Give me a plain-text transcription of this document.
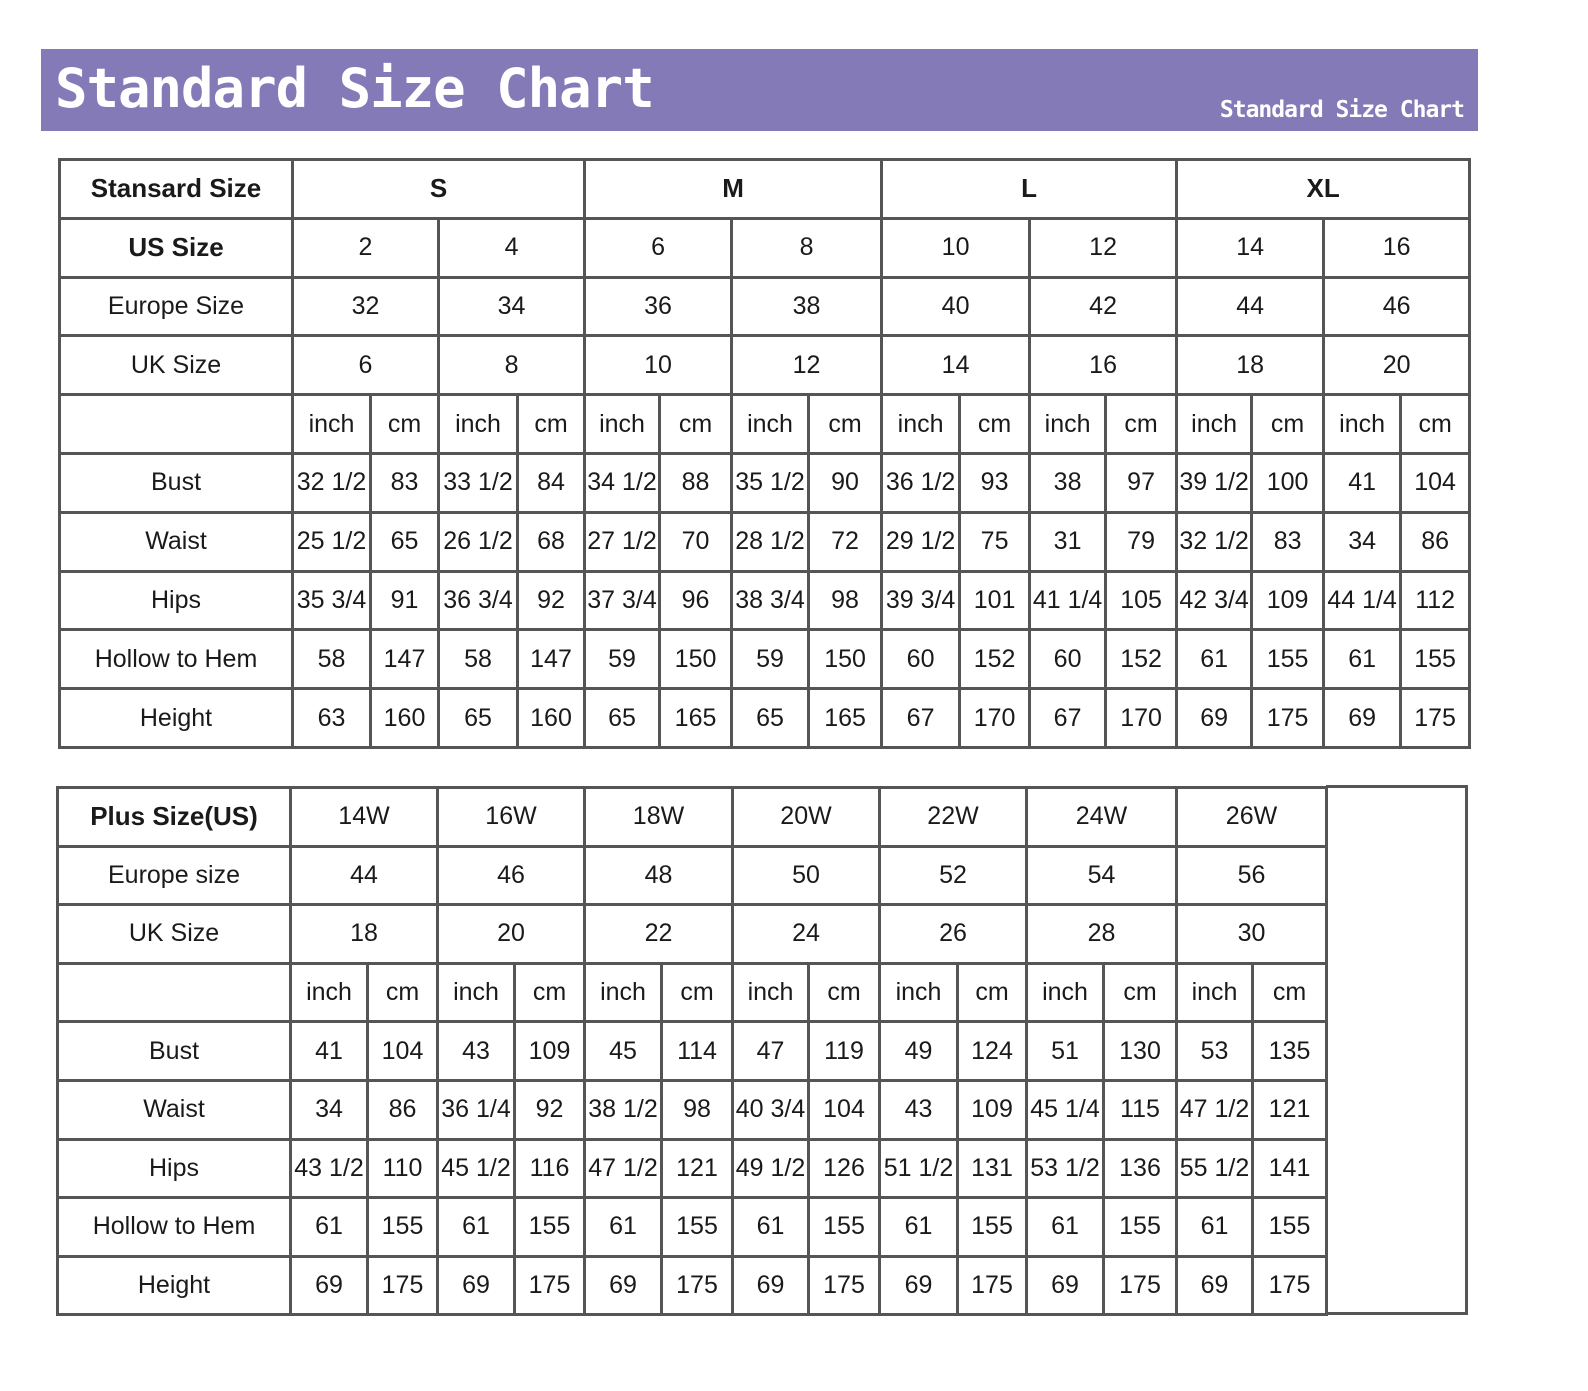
Standard Size Chart	Standard Size Chart
Stansard Size	S				M				L				XL			
US Size	2		4		6		8		10		12		14		16	
Europe Size	32		34		36		38		40		42		44		46	
UK Size	6		8		10		12		14		16		18		20	
	inch	cm	inch	cm	inch	cm	inch	cm	inch	cm	inch	cm	inch	cm	inch	cm
Bust	32 1/2	83	33 1/2	84	34 1/2	88	35 1/2	90	36 1/2	93	38	97	39 1/2	100	41	104
Waist	25 1/2	65	26 1/2	68	27 1/2	70	28 1/2	72	29 1/2	75	31	79	32 1/2	83	34	86
Hips	35 3/4	91	36 3/4	92	37 3/4	96	38 3/4	98	39 3/4	101	41 1/4	105	42 3/4	109	44 1/4	112
Hollow to Hem	58	147	58	147	59	150	59	150	60	152	60	152	61	155	61	155
Height	63	160	65	160	65	165	65	165	67	170	67	170	69	175	69	175
Plus Size(US)	14W		16W		18W		20W		22W		24W		26W		
Europe size	44		46		48		50		52		54		56		
UK Size	18		20		22		24		26		28		30		
	inch	cm	inch	cm	inch	cm	inch	cm	inch	cm	inch	cm	inch	cm	
Bust	41	104	43	109	45	114	47	119	49	124	51	130	53	135	
Waist	34	86	36 1/4	92	38 1/2	98	40 3/4	104	43	109	45 1/4	115	47 1/2	121	
Hips	43 1/2	110	45 1/2	116	47 1/2	121	49 1/2	126	51 1/2	131	53 1/2	136	55 1/2	141	
Hollow to Hem	61	155	61	155	61	155	61	155	61	155	61	155	61	155	
Height	69	175	69	175	69	175	69	175	69	175	69	175	69	175	
